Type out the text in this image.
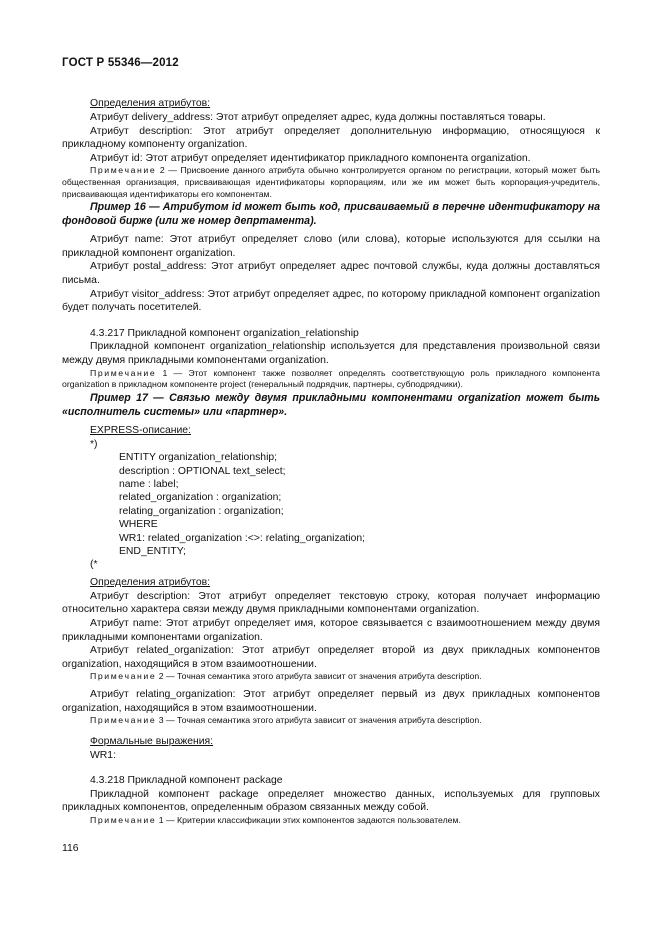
ГОСТ Р 55346—2012
Определения атрибутов:

Атрибут delivery_address: Этот атрибут определяет адрес, куда должны поставляться товары.

Атрибут description: Этот атрибут определяет дополнительную информацию, относящуюся к прикладному компоненту organization.

Атрибут id: Этот атрибут определяет идентификатор прикладного компонента organization.

Примечание 2 — Присвоение данного атрибута обычно контролируется органом по регистрации, который может быть общественная организация, присваивающая идентификаторы корпорациям, или же им может быть корпорация-учредитель, присваивающая идентификаторы его компонентам.

Пример 16 — Атрибутом id может быть код, присваиваемый в перечне идентификатору на фондовой бирже (или же номер депртамента).

Атрибут name: Этот атрибут определяет слово (или слова), которые используются для ссылки на прикладной компонент organization.

Атрибут postal_address: Этот атрибут определяет адрес почтовой службы, куда должны доставляться письма.

Атрибут visitor_address: Этот атрибут определяет адрес, по которому прикладной компонент organization будет получать посетителей.

4.3.217 Прикладной компонент organization_relationship

Прикладной компонент organization_relationship используется для представления произвольной связи между двумя прикладными компонентами organization.

Примечание 1 — Этот компонент также позволяет определять соответствующую роль прикладного компонента organization в прикладном компоненте project (генеральный подрядчик, партнеры, субподрядчики).

Пример 17 — Связью между двумя прикладными компонентами organization может быть «исполнитель системы» или «партнер».

EXPRESS-описание:
*)
ENTITY organization_relationship;
description : OPTIONAL text_select;
name : label;
related_organization : organization;
relating_organization : organization;
WHERE
WR1: related_organization :<>: relating_organization;
END_ENTITY;
(*
Определения атрибутов:

Атрибут description: Этот атрибут определяет текстовую строку, которая получает информацию относительно характера связи между двумя прикладными компонентами organization.

Атрибут name: Этот атрибут определяет имя, которое связывается с взаимоотношением между двумя прикладными компонентами organization.

Атрибут related_organization: Этот атрибут определяет второй из двух прикладных компонентов organization, находящийся в этом взаимоотношении.

Примечание 2 — Точная семантика этого атрибута зависит от значения атрибута description.

Атрибут relating_organization: Этот атрибут определяет первый из двух прикладных компонентов organization, находящийся в этом взаимоотношении.

Примечание 3 — Точная семантика этого атрибута зависит от значения атрибута description.

Формальные выражения:
WR1:

4.3.218 Прикладной компонент package

Прикладной компонент package определяет множество данных, используемых для групповых прикладных компонентов, определенным образом связанных между собой.

Примечание 1 — Критерии классификации этих компонентов задаются пользователем.

116
